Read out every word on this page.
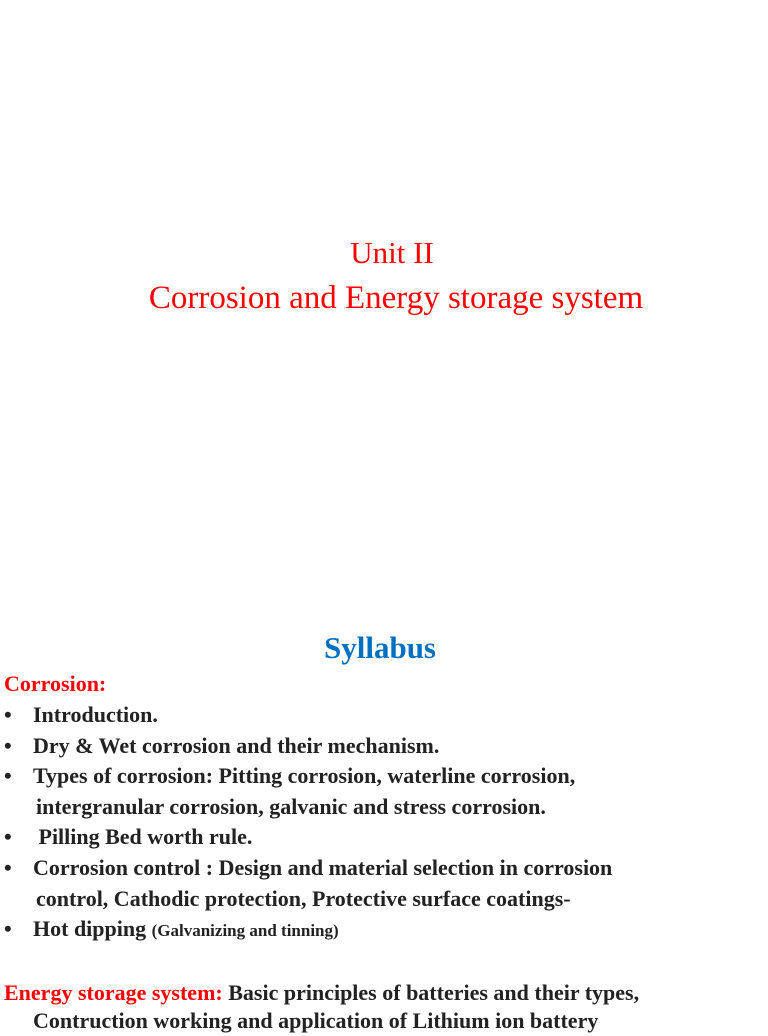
Unit II
Corrosion and Energy storage system
Syllabus
Corrosion:
• Introduction.
• Dry & Wet corrosion and their mechanism.
• Types of corrosion: Pitting corrosion, waterline corrosion,
intergranular corrosion, galvanic and stress corrosion.
• Pilling Bed worth rule.
• Corrosion control : Design and material selection in corrosion
control, Cathodic protection, Protective surface coatings-
• Hot dipping (Galvanizing and tinning)
Energy storage system: Basic principles of batteries and their types,
Contruction working and application of Lithium ion battery
